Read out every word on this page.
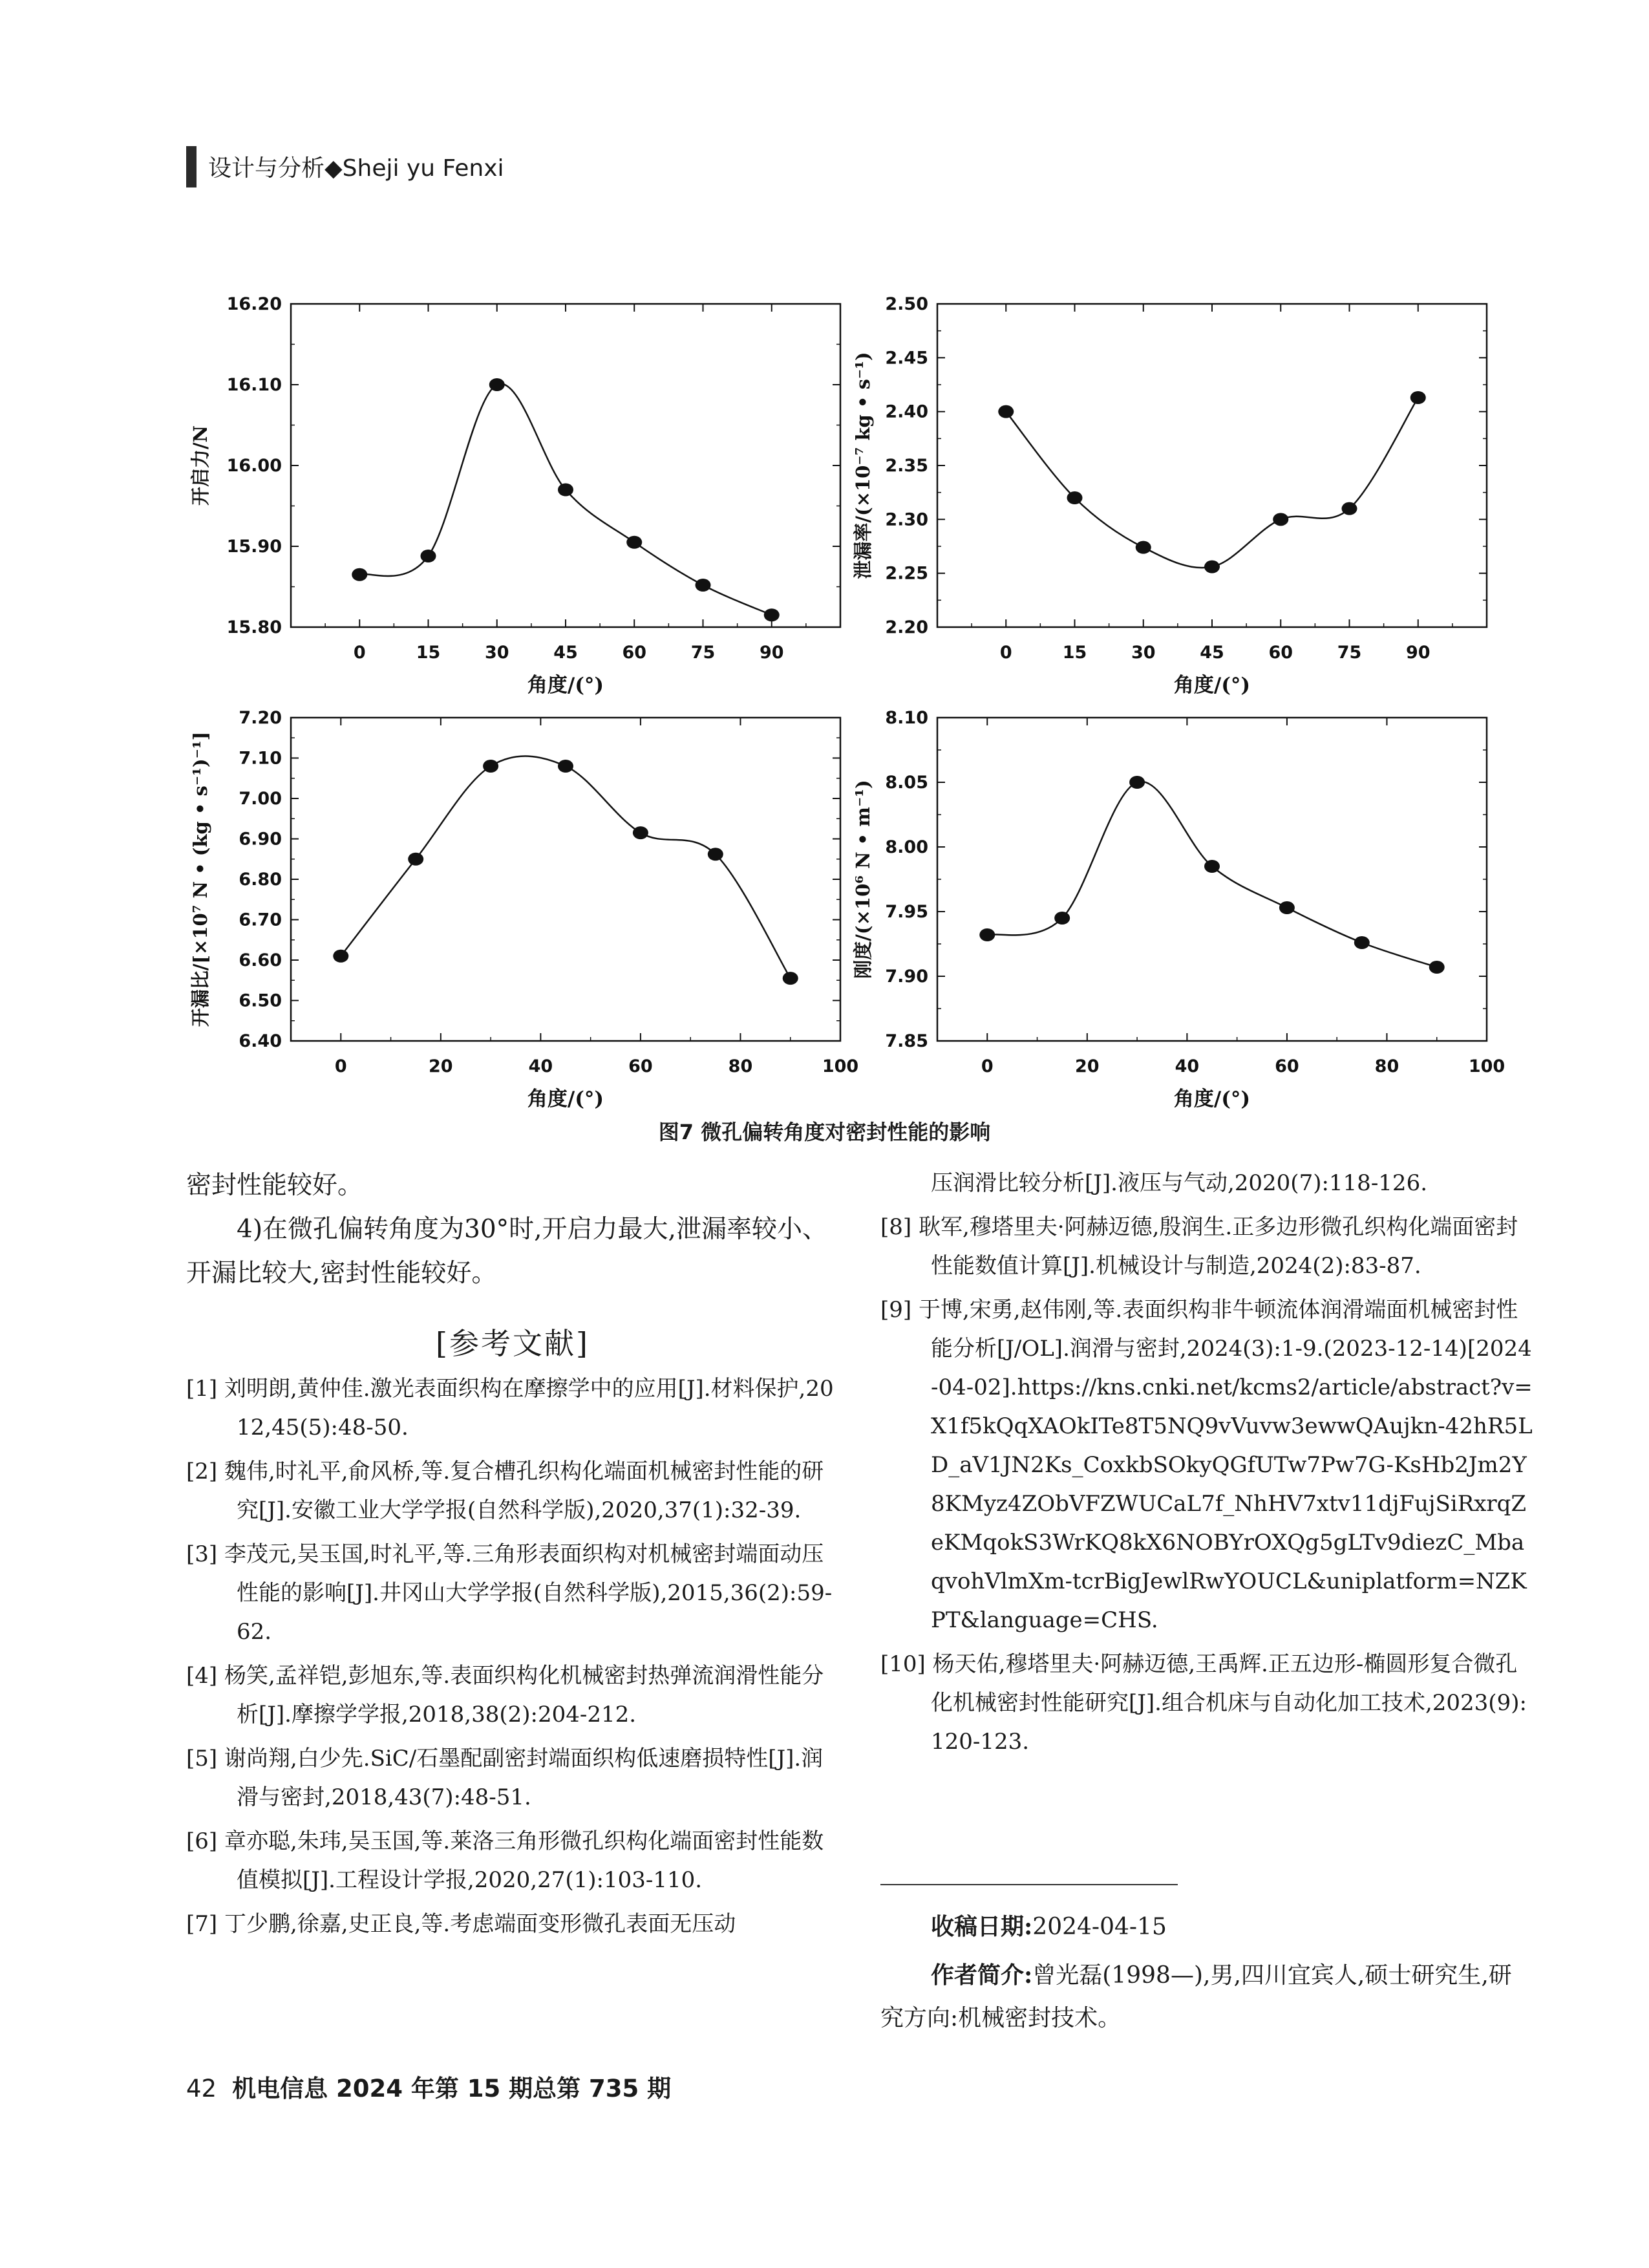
设计与分析◆Sheji yu Fenxi
0	15	30	45	60	75	90
15.80
15.90
16.00
16.10
16.20
角度/(°)
开启力/N
0	15	30	45	60	75	90
2.20
2.25
2.30
2.35
2.40
2.45
2.50
角度/(°)
泄漏率/(×10⁻⁷ kg • s⁻¹)
0	20	40	60	80	100
6.40
6.50
6.60
6.70
6.80
6.90
7.00
7.10
7.20
角度/(°)
开漏比/[×10⁷ N • (kg • s⁻¹)⁻¹]
0	20	40	60	80	100
7.85
7.90
7.95
8.00
8.05
8.10
角度/(°)
刚度/(×10⁶ N • m⁻¹)
图7 微孔偏转角度对密封性能的影响

密封性能较好。

4)在微孔偏转角度为30°时,开启力最大,泄漏率较小、开漏比较大,密封性能较好。

[参考文献]

[1] 刘明朗,黄仲佳.激光表面织构在摩擦学中的应用[J].材料保护,2012,45(5):48-50.

[2] 魏伟,时礼平,俞风桥,等.复合槽孔织构化端面机械密封性能的研究[J].安徽工业大学学报(自然科学版),2020,37(1):32-39.

[3] 李茂元,吴玉国,时礼平,等.三角形表面织构对机械密封端面动压性能的影响[J].井冈山大学学报(自然科学版),2015,36(2):59-62.

[4] 杨笑,孟祥铠,彭旭东,等.表面织构化机械密封热弹流润滑性能分析[J].摩擦学学报,2018,38(2):204-212.

[5] 谢尚翔,白少先.SiC/石墨配副密封端面织构低速磨损特性[J].润滑与密封,2018,43(7):48-51.

[6] 章亦聪,朱玮,吴玉国,等.莱洛三角形微孔织构化端面密封性能数值模拟[J].工程设计学报,2020,27(1):103-110.

[7] 丁少鹏,徐嘉,史正良,等.考虑端面变形微孔表面无压动

压润滑比较分析[J].液压与气动,2020(7):118-126.

[8] 耿军,穆塔里夫·阿赫迈德,殷润生.正多边形微孔织构化端面密封性能数值计算[J].机械设计与制造,2024(2):83-87.

[9] 于博,宋勇,赵伟刚,等.表面织构非牛顿流体润滑端面机械密封性能分析[J/OL].润滑与密封,2024(3):1-9.(2023-12-14)[2024-04-02].https://kns.cnki.net/kcms2/article/abstract?v=X1f5kQqXAOkITe8T5NQ9vVuvw3ewwQAujkn-42hR5LD_aV1JN2Ks_CoxkbSOkyQGfUTw7Pw7G-KsHb2Jm2Y8KMyz4ZObVFZWUCaL7f_NhHV7xtv11djFujSiRxrqZeKMqokS3WrKQ8kX6NOBYrOXQg5gLTv9diezC_MbaqvohVlmXm-tcrBigJewlRwYOUCL&uniplatform=NZKPT&language=CHS.

[10] 杨天佑,穆塔里夫·阿赫迈德,王禹辉.正五边形-椭圆形复合微孔化机械密封性能研究[J].组合机床与自动化加工技术,2023(9):120-123.

收稿日期:2024-04-15
作者简介:曾光磊(1998—),男,四川宜宾人,硕士研究生,研究方向:机械密封技术。
42 机电信息 2024 年第 15 期总第 735 期
